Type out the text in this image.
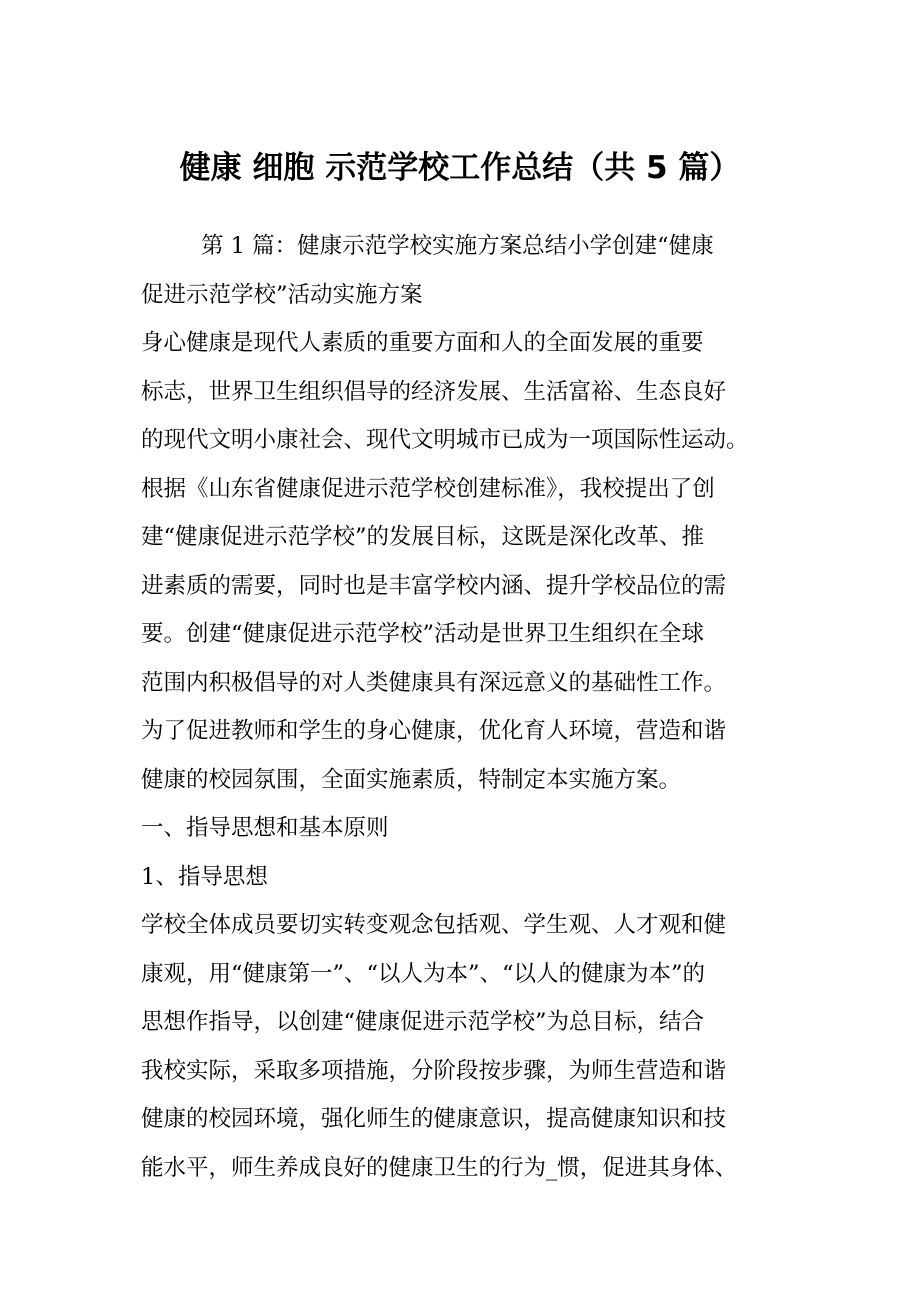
健康 细胞 示范学校工作总结（共 5 篇）
第 1 篇：健康示范学校实施方案总结小学创建“健康
促进示范学校”活动实施方案
身心健康是现代人素质的重要方面和人的全面发展的重要
标志，世界卫生组织倡导的经济发展、生活富裕、生态良好
的现代文明小康社会、现代文明城市已成为一项国际性运动。
根据《山东省健康促进示范学校创建标准》，我校提出了创
建“健康促进示范学校”的发展目标，这既是深化改革、推
进素质的需要，同时也是丰富学校内涵、提升学校品位的需
要。创建“健康促进示范学校”活动是世界卫生组织在全球
范围内积极倡导的对人类健康具有深远意义的基础性工作。
为了促进教师和学生的身心健康，优化育人环境，营造和谐
健康的校园氛围，全面实施素质，特制定本实施方案。
一、指导思想和基本原则
1、指导思想
学校全体成员要切实转变观念包括观、学生观、人才观和健
康观，用“健康第一”、“以人为本”、“以人的健康为本”的
思想作指导，以创建“健康促进示范学校”为总目标，结合
我校实际，采取多项措施，分阶段按步骤，为师生营造和谐
健康的校园环境，强化师生的健康意识，提高健康知识和技
能水平，师生养成良好的健康卫生的行为_惯，促进其身体、
